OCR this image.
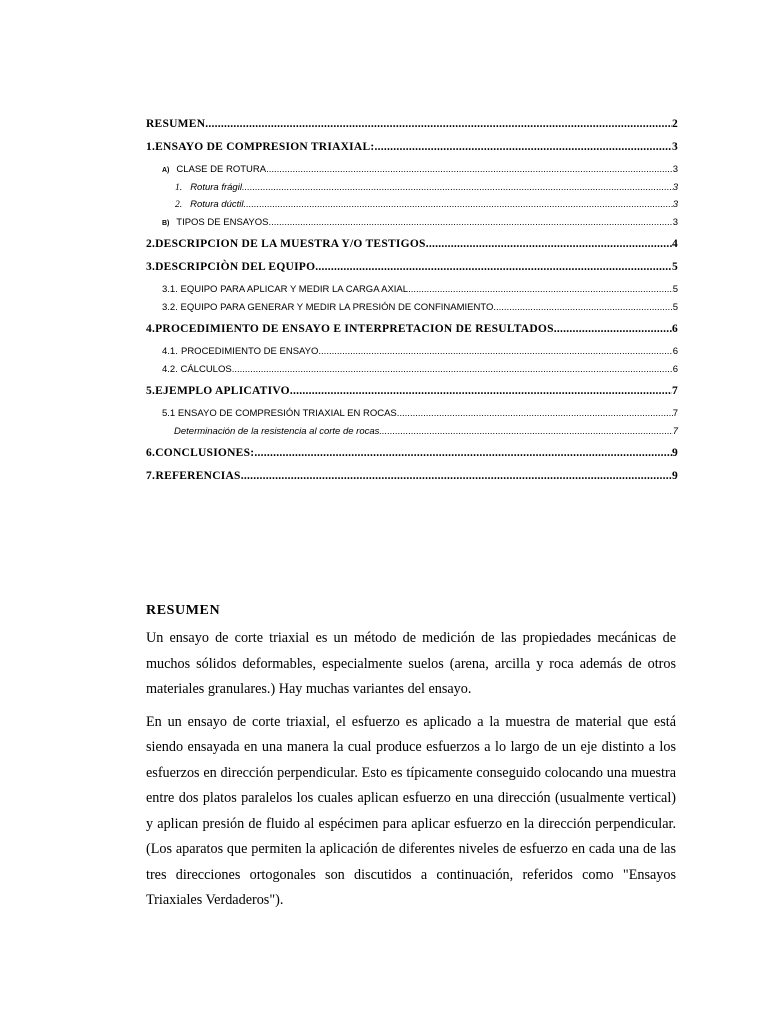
RESUMEN .....	2
1. ENSAYO DE COMPRESION TRIAXIAL: .....	3
A) CLASE DE ROTURA .....	3
1. Rotura frágil .....	3
2. Rotura dúctil .....	3
B) TIPOS DE ENSAYOS .....	3
2. DESCRIPCION DE LA MUESTRA Y/O TESTIGOS .....	4
3. DESCRIPCIÒN DEL EQUIPO .....	5
3.1. EQUIPO PARA APLICAR Y MEDIR LA CARGA AXIAL .....	5
3.2. EQUIPO PARA GENERAR Y MEDIR LA PRESIÓN DE CONFINAMIENTO .....	5
4. PROCEDIMIENTO DE ENSAYO E INTERPRETACION DE RESULTADOS .....	6
4.1. PROCEDIMIENTO DE ENSAYO .....	6
4.2. CÁLCULOS .....	6
5. EJEMPLO APLICATIVO .....	7
5.1 ENSAYO DE COMPRESIÓN TRIAXIAL EN ROCAS .....	7
Determinación de la resistencia al corte de rocas .....	7
6. CONCLUSIONES: .....	9
7. REFERENCIAS .....	9
RESUMEN

Un ensayo de corte triaxial es un método de medición de las propiedades mecánicas de muchos sólidos deformables, especialmente suelos (arena, arcilla y roca además de otros materiales granulares.) Hay muchas variantes del ensayo.

En un ensayo de corte triaxial, el esfuerzo es aplicado a la muestra de material que está siendo ensayada en una manera la cual produce esfuerzos a lo largo de un eje distinto a los esfuerzos en dirección perpendicular. Esto es típicamente conseguido colocando una muestra entre dos platos paralelos los cuales aplican esfuerzo en una dirección (usualmente vertical) y aplican presión de fluido al espécimen para aplicar esfuerzo en la dirección perpendicular. (Los aparatos que permiten la aplicación de diferentes niveles de esfuerzo en cada una de las tres direcciones ortogonales son discutidos a continuación, referidos como "Ensayos Triaxiales Verdaderos").
